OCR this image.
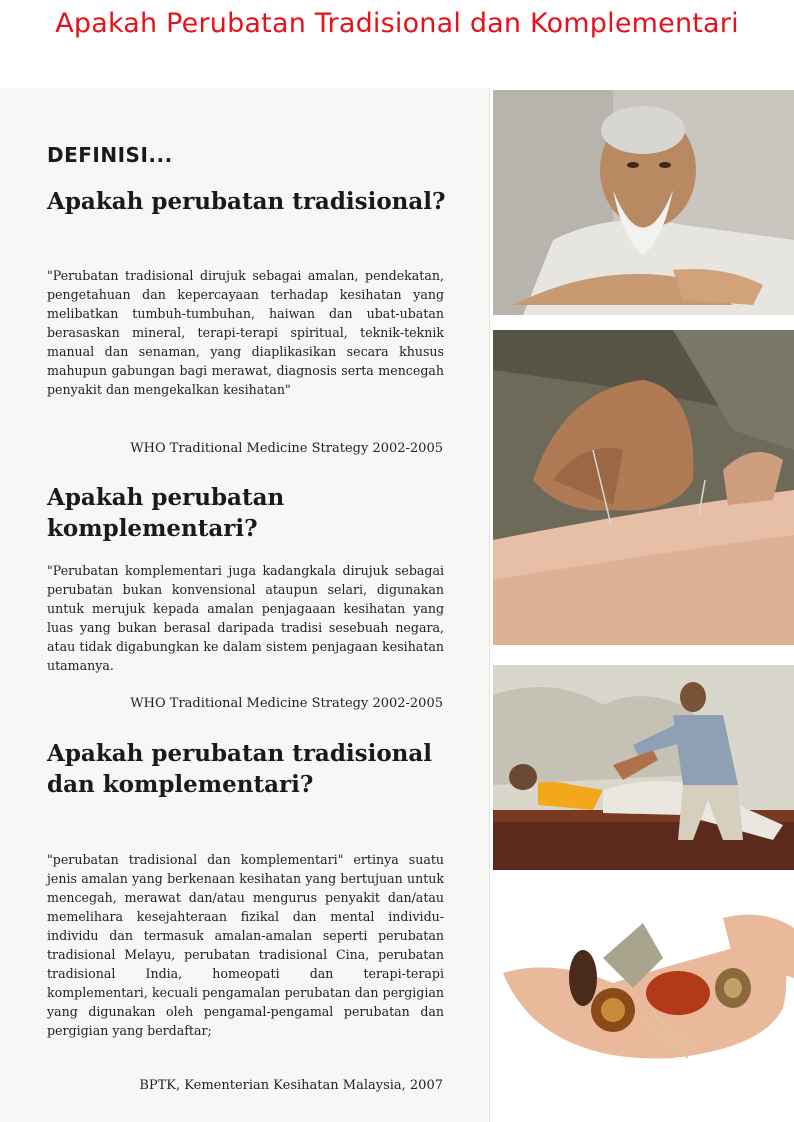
Apakah Perubatan Tradisional dan Komplementari
DEFINISI...
Apakah perubatan tradisional?
"Perubatan tradisional dirujuk sebagai amalan, pendekatan, pengetahuan dan kepercayaan terhadap kesihatan yang melibatkan tumbuh-tumbuhan, haiwan dan ubat-ubatan berasaskan mineral, terapi-terapi spiritual, teknik-teknik manual dan senaman, yang diaplikasikan secara khusus mahupun gabungan bagi merawat, diagnosis serta mencegah penyakit dan mengekalkan kesihatan"
WHO Traditional Medicine Strategy 2002-2005
Apakah perubatan komplementari?
"Perubatan komplementari juga kadangkala dirujuk sebagai perubatan bukan konvensional ataupun selari, digunakan untuk merujuk kepada amalan penjagaaan kesihatan yang luas yang bukan berasal daripada tradisi sesebuah negara, atau tidak digabungkan ke dalam sistem penjagaan kesihatan utamanya.
WHO Traditional Medicine Strategy 2002-2005
Apakah perubatan tradisional dan komplementari?
"perubatan tradisional dan komplementari" ertinya suatu jenis amalan yang berkenaan kesihatan yang bertujuan untuk mencegah, merawat dan/atau mengurus penyakit dan/atau memelihara kesejahteraan fizikal dan mental individu-individu dan termasuk amalan-amalan seperti perubatan tradisional Melayu, perubatan tradisional Cina, perubatan tradisional India, homeopati dan terapi-terapi komplementari, kecuali pengamalan perubatan dan pergigian yang digunakan oleh pengamal-pengamal perubatan dan pergigian yang berdaftar;
BPTK, Kementerian Kesihatan Malaysia, 2007
